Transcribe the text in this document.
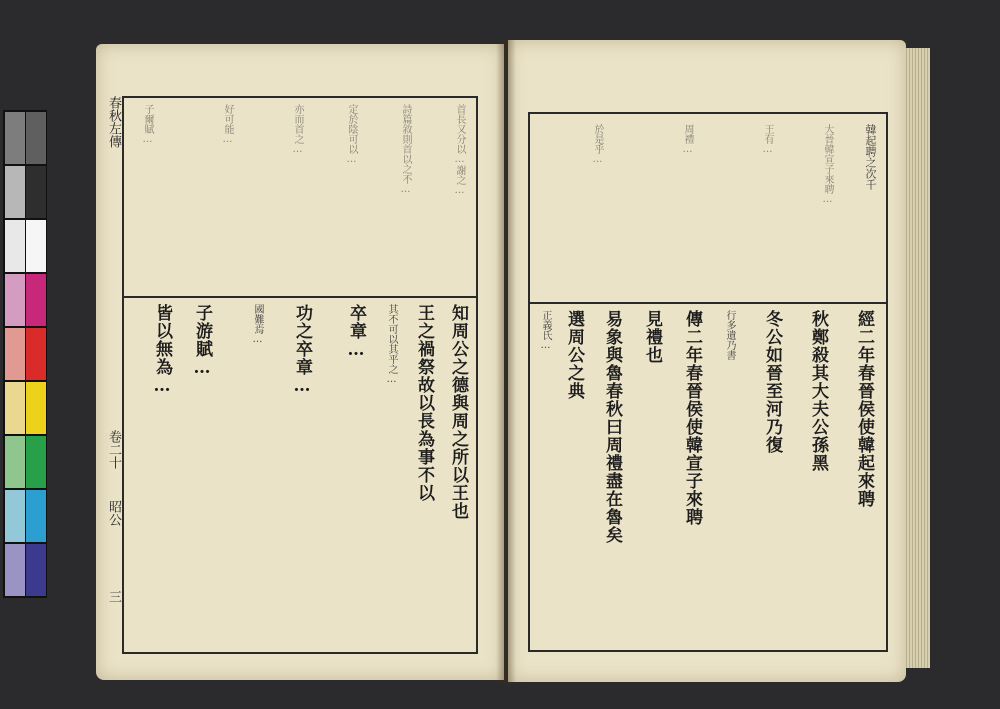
春秋左傳
卷二十
昭公
三
首長又分以…謝之…
詩篇敘則首以之不…
定於陰可以…
亦而首之…
好可能…
子爾賦…
知周公之德與周之所以王也
王之禍祭故以長為事不以
其不可以其平之…
卒章…
功之卒章…
國難焉…
子游賦…
皆以無為…
韓起聘之次千
大晉韓宣子來聘…
王有…
周禮…
於是乎…
經二年春晉侯使韓起來聘
秋鄭殺其大夫公孫黑
冬公如晉至河乃復
行多遺乃書
傳二年春晉侯使韓宣子來聘
見禮也
易象與魯春秋曰周禮盡在魯矣
選周公之典
正義氏…
